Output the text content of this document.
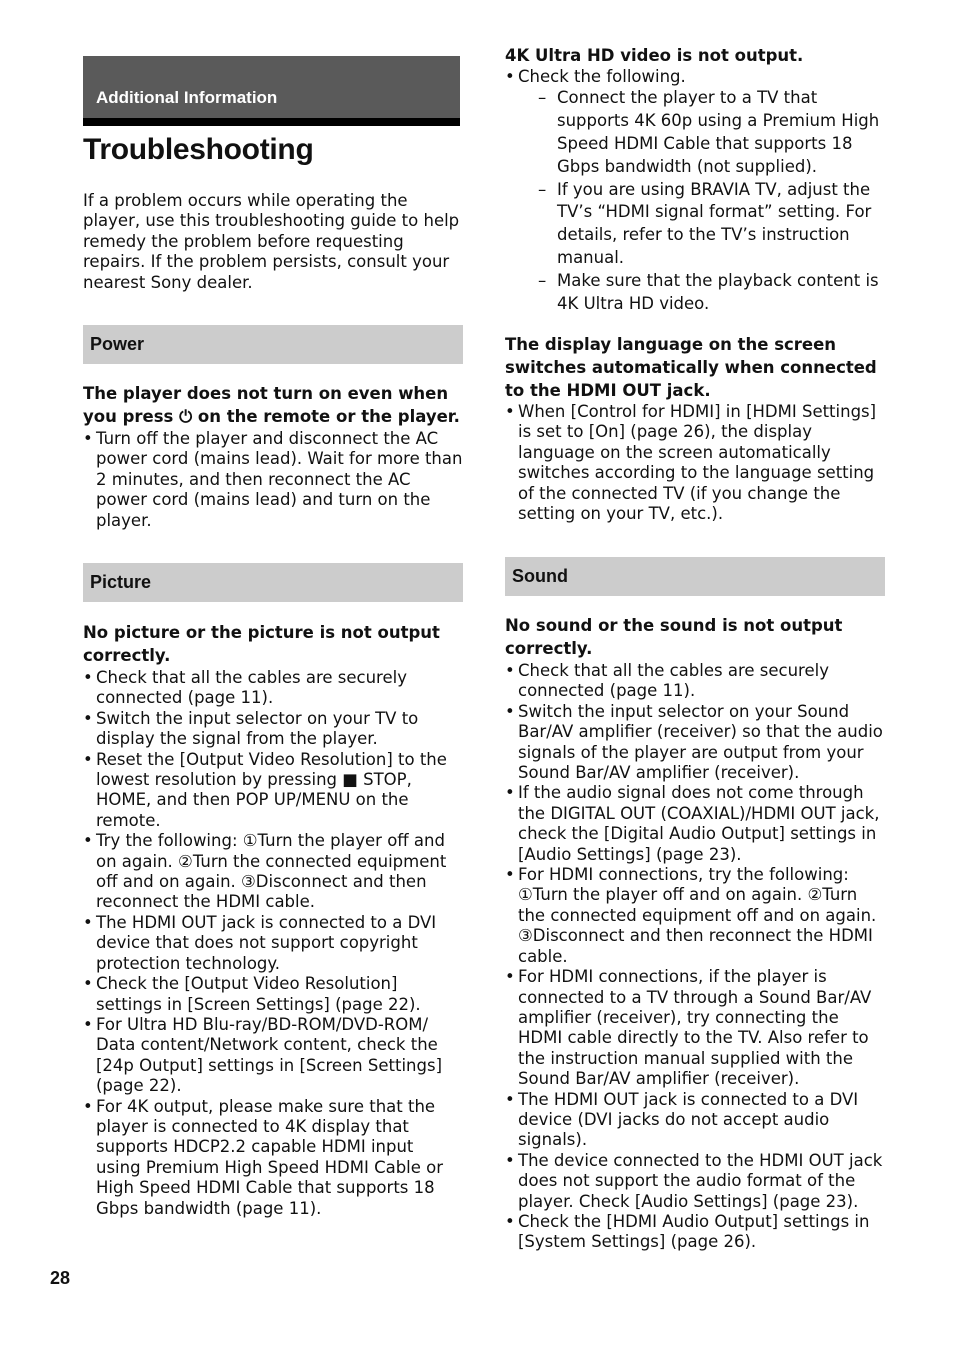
Additional Information
Troubleshooting

If a problem occurs while operating the player, use this troubleshooting guide to help remedy the problem before requesting repairs. If the problem persists, consult your nearest Sony dealer.

Power

The player does not turn on even when you press ⏻ on the remote or the player.

• Turn off the player and disconnect the AC power cord (mains lead). Wait for more than 2 minutes, and then reconnect the AC power cord (mains lead) and turn on the player.
Picture

No picture or the picture is not output correctly.

• Check that all the cables are securely connected (page 11).
• Switch the input selector on your TV to display the signal from the player.
• Reset the [Output Video Resolution] to the lowest resolution by pressing ■ STOP, HOME, and then POP UP/MENU on the remote.
• Try the following: ①Turn the player off and on again. ②Turn the connected equipment off and on again. ③Disconnect and then reconnect the HDMI cable.
• The HDMI OUT jack is connected to a DVI device that does not support copyright protection technology.
• Check the [Output Video Resolution] settings in [Screen Settings] (page 22).
• For Ultra HD Blu-ray/BD-ROM/DVD-ROM/ Data content/Network content, check the [24p Output] settings in [Screen Settings] (page 22).
• For 4K output, please make sure that the player is connected to 4K display that supports HDCP2.2 capable HDMI input using Premium High Speed HDMI Cable or High Speed HDMI Cable that supports 18 Gbps bandwidth (page 11).
28

4K Ultra HD video is not output.

• Check the following.
– Connect the player to a TV that supports 4K 60p using a Premium High Speed HDMI Cable that supports 18 Gbps bandwidth (not supplied).
– If you are using BRAVIA TV, adjust the TV’s “HDMI signal format” setting. For details, refer to the TV’s instruction manual.
– Make sure that the playback content is 4K Ultra HD video.

The display language on the screen switches automatically when connected to the HDMI OUT jack.

• When [Control for HDMI] in [HDMI Settings] is set to [On] (page 26), the display language on the screen automatically switches according to the language setting of the connected TV (if you change the setting on your TV, etc.).
Sound

No sound or the sound is not output correctly.

• Check that all the cables are securely connected (page 11).
• Switch the input selector on your Sound Bar/AV amplifier (receiver) so that the audio signals of the player are output from your Sound Bar/AV amplifier (receiver).
• If the audio signal does not come through the DIGITAL OUT (COAXIAL)/HDMI OUT jack, check the [Digital Audio Output] settings in [Audio Settings] (page 23).
• For HDMI connections, try the following: ①Turn the player off and on again. ②Turn the connected equipment off and on again. ③Disconnect and then reconnect the HDMI cable.
• For HDMI connections, if the player is connected to a TV through a Sound Bar/AV amplifier (receiver), try connecting the HDMI cable directly to the TV. Also refer to the instruction manual supplied with the Sound Bar/AV amplifier (receiver).
• The HDMI OUT jack is connected to a DVI device (DVI jacks do not accept audio signals).
• The device connected to the HDMI OUT jack does not support the audio format of the player. Check [Audio Settings] (page 23).
• Check the [HDMI Audio Output] settings in [System Settings] (page 26).
